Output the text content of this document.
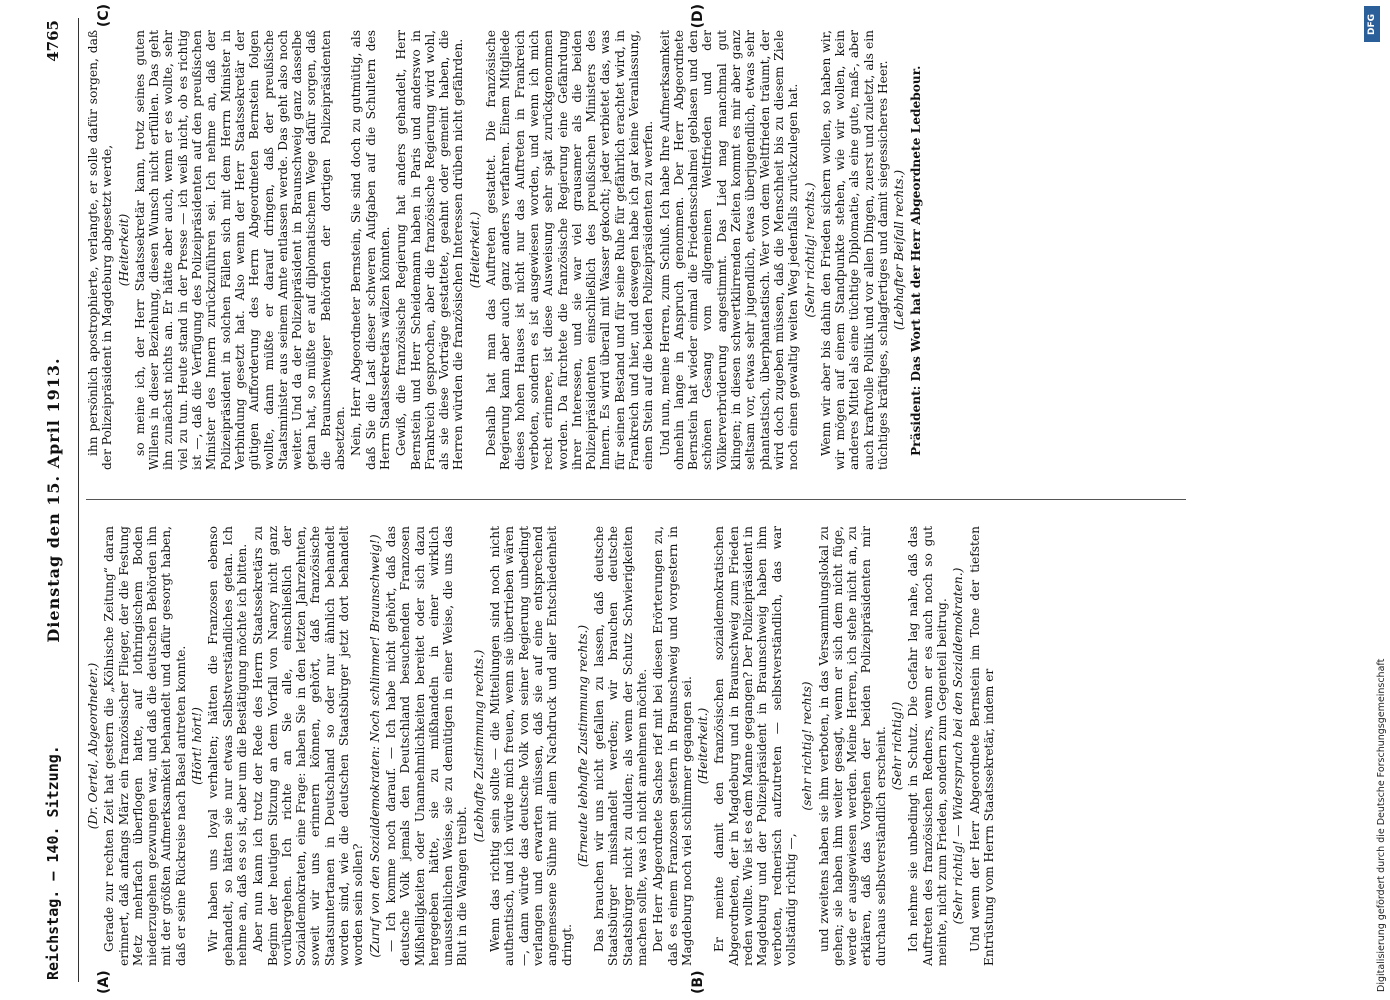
Reichstag. — 140. Sitzung.
Dienstag den 15. April 1913.
4765
(A)	(B)
(C)	(D)

(Dr. Oertel, Abgeordneter.) Gerade zur rechten Zeit hat gestern die „Kölnische Zeitung“ daran erinnert, daß anfangs März ein französischer Flieger, der die Festung Metz mehrfach überflogen hatte, auf lothringischem Boden niederzugehen gezwungen war, und daß die deutschen Behörden ihn mit der größten Aufmerksamkeit behandelt und dafür gesorgt haben, daß er seine Rückreise nach Basel antreten konnte. (Hört! hört!) Wir haben uns loyal verhalten; hätten die Franzosen ebenso gehandelt, so hätten sie nur etwas Selbstverständliches getan. Ich nehme an, daß es so ist, aber um die Bestätigung möchte ich bitten. Aber nun kann ich trotz der Rede des Herrn Staatssekretärs zu Beginn der heutigen Sitzung an dem Vorfall von Nancy nicht ganz vorübergehen. Ich richte an Sie alle, einschließlich der Sozialdemokraten, eine Frage: haben Sie in den letzten Jahrzehnten, soweit wir uns erinnern können, gehört, daß französische Staatsuntertanen in Deutschland so oder nur ähnlich behandelt worden sind, wie die deutschen Staatsbürger jetzt dort behandelt worden sein sollen? (Zuruf von den Sozialdemokraten: Noch schlimmer! Braunschweig!) — Ich komme noch darauf. — Ich habe nicht gehört, daß das deutsche Volk jemals den Deutschland besuchenden Franzosen Mißhelligkeiten oder Unannehmlichkeiten bereitet oder sich dazu hergegeben hätte, sie zu mißhandeln in einer wirklich unausstehlichen Weise, sie zu demütigen in einer Weise, die uns das Blut in die Wangen treibt.

(Lebhafte Zustimmung rechts.) Wenn das richtig sein sollte — die Mitteilungen sind noch nicht authentisch, und ich würde mich freuen, wenn sie übertrieben wären —, dann würde das deutsche Volk von seiner Regierung unbedingt verlangen und erwarten müssen, daß sie auf eine entsprechend angemessene Sühne mit allem Nachdruck und aller Entschiedenheit dringt.

(Erneute lebhafte Zustimmung rechts.) Das brauchen wir uns nicht gefallen zu lassen, daß deutsche Staatsbürger misshandelt werden; wir brauchen deutsche Staatsbürger nicht zu dulden; als wenn der Schutz Schwierigkeiten machen sollte, was ich nicht annehmen möchte. Der Herr Abgeordnete Sachse rief mit bei diesen Erörterungen zu, daß es einem Franzosen gestern in Braunschweig und vorgestern in Magdeburg noch viel schlimmer gegangen sei. (Heiterkeit.) Er meinte damit den französischen sozialdemokratischen Abgeordneten, der in Magdeburg und in Braunschweig zum Frieden reden wollte. Wie ist es dem Manne gegangen? Der Polizeipräsident in Magdeburg und der Polizeipräsident in Braunschweig haben ihm verboten, rednerisch aufzutreten — selbstverständlich, das war vollständig richtig —,

(sehr richtig! rechts) und zweitens haben sie ihm verboten, in das Versammlungslokal zu gehen; sie haben ihm weiter gesagt, wenn er sich dem nicht füge, werde er ausgewiesen werden. Meine Herren, ich stehe nicht an, zu erklären, daß das Vorgehen der beiden Polizeipräsidenten mir durchaus selbstverständlich erscheint. (Sehr richtig!) Ich nehme sie unbedingt in Schutz. Die Gefahr lag nahe, daß das Auftreten des französischen Redners, wenn er es auch noch so gut meinte, nicht zum Frieden, sondern zum Gegenteil beitrug. (Sehr richtig! — Widerspruch bei den Sozialdemokraten.) Und wenn der Herr Abgeordnete Bernstein im Tone der tiefsten Entrüstung vom Herrn Staatssekretär, indem er

ihn persönlich apostrophierte, verlangte, er solle dafür sorgen, daß der Polizeipräsident in Magdeburg abgesetzt werde, (Heiterkeit) so meine ich, der Herr Staatssekretär kann, trotz seines guten Willens in dieser Beziehung, diesen Wunsch nicht erfüllen. Das geht ihn zunächst nichts an. Er hätte aber auch, wenn er es wollte, sehr viel zu tun. Heute stand in der Presse — ich weiß nicht, ob es richtig ist —, daß die Verfügung des Polizeipräsidenten auf den preußischen Minister des Innern zurückzuführen sei. Ich nehme an, daß der Polizeipräsident in solchen Fällen sich mit dem Herrn Minister in Verbindung gesetzt hat. Also wenn der Herr Staatssekretär der gütigen Aufforderung des Herrn Abgeordneten Bernstein folgen wollte, dann müßte er darauf dringen, daß der preußische Staatsminister aus seinem Amte entlassen werde. Das geht also noch weiter. Und da der Polizeipräsident in Braunschweig ganz dasselbe getan hat, so müßte er auf diplomatischem Wege dafür sorgen, daß die Braunschweiger Behörden der dortigen Polizeipräsidenten absetzten. Nein, Herr Abgeordneter Bernstein, Sie sind doch zu gutmütig, als daß Sie die Last dieser schweren Aufgaben auf die Schultern des Herrn Staatssekretärs wälzen könnten. Gewiß, die französische Regierung hat anders gehandelt, Herr Bernstein und Herr Scheidemann haben in Paris und anderswo in Frankreich gesprochen, aber die französische Regierung wird wohl, als sie diese Vorträge gestattete, geahnt oder gemeint haben, die Herren würden die französischen Interessen drüben nicht gefährden. (Heiterkeit.) Deshalb hat man das Auftreten gestattet. Die französische Regierung kann aber auch ganz anders verfahren. Einem Mitgliede dieses hohen Hauses ist nicht nur das Auftreten in Frankreich verboten, sondern es ist ausgewiesen worden, und wenn ich mich recht erinnere, ist diese Ausweisung sehr spät zurückgenommen worden. Da fürchtete die französische Regierung eine Gefährdung ihrer Interessen, und sie war viel grausamer als die beiden Polizeipräsidenten einschließlich des preußischen Ministers des Innern. Es wird überall mit Wasser gekocht; jeder verbietet das, was für seinen Bestand und für seine Ruhe für gefährlich erachtet wird, in Frankreich und hier, und deswegen habe ich gar keine Veranlassung, einen Stein auf die beiden Polizeipräsidenten zu werfen. Und nun, meine Herren, zum Schluß. Ich habe Ihre Aufmerksamkeit ohnehin lange in Anspruch genommen. Der Herr Abgeordnete Bernstein hat wieder einmal die Friedensschalmei geblasen und den schönen Gesang vom allgemeinen Weltfrieden und der Völkerverbrüderung angestimmt. Das Lied mag manchmal gut klingen; in diesen schwertklirrenden Zeiten kommt es mir aber ganz seltsam vor, etwas sehr jugendlich, etwas überjugendlich, etwas sehr phantastisch, überphantastisch. Wer von dem Weltfrieden träumt, der wird doch zugeben müssen, daß die Menschheit bis zu diesem Ziele noch einen gewaltig weiten Weg jedenfalls zurückzulegen hat. (Sehr richtig! rechts.) Wenn wir aber bis dahin den Frieden sichern wollen, so haben wir, wir mögen auf einem Standpunkte stehen, wie wir wollen, kein anderes Mittel als eine tüchtige Diplomatie, als eine gute, maß-, aber auch kraftvolle Politik und vor allen Dingen, zuerst und zuletzt, als ein tüchtiges kräftiges, schlagfertiges und damit siegessicheres Heer. (Lebhafter Beifall rechts.) Präsident: Das Wort hat der Herr Abgeordnete Ledebour.

Digitalisierung gefördert durch die Deutsche Forschungsgemeinschaft
DFG
